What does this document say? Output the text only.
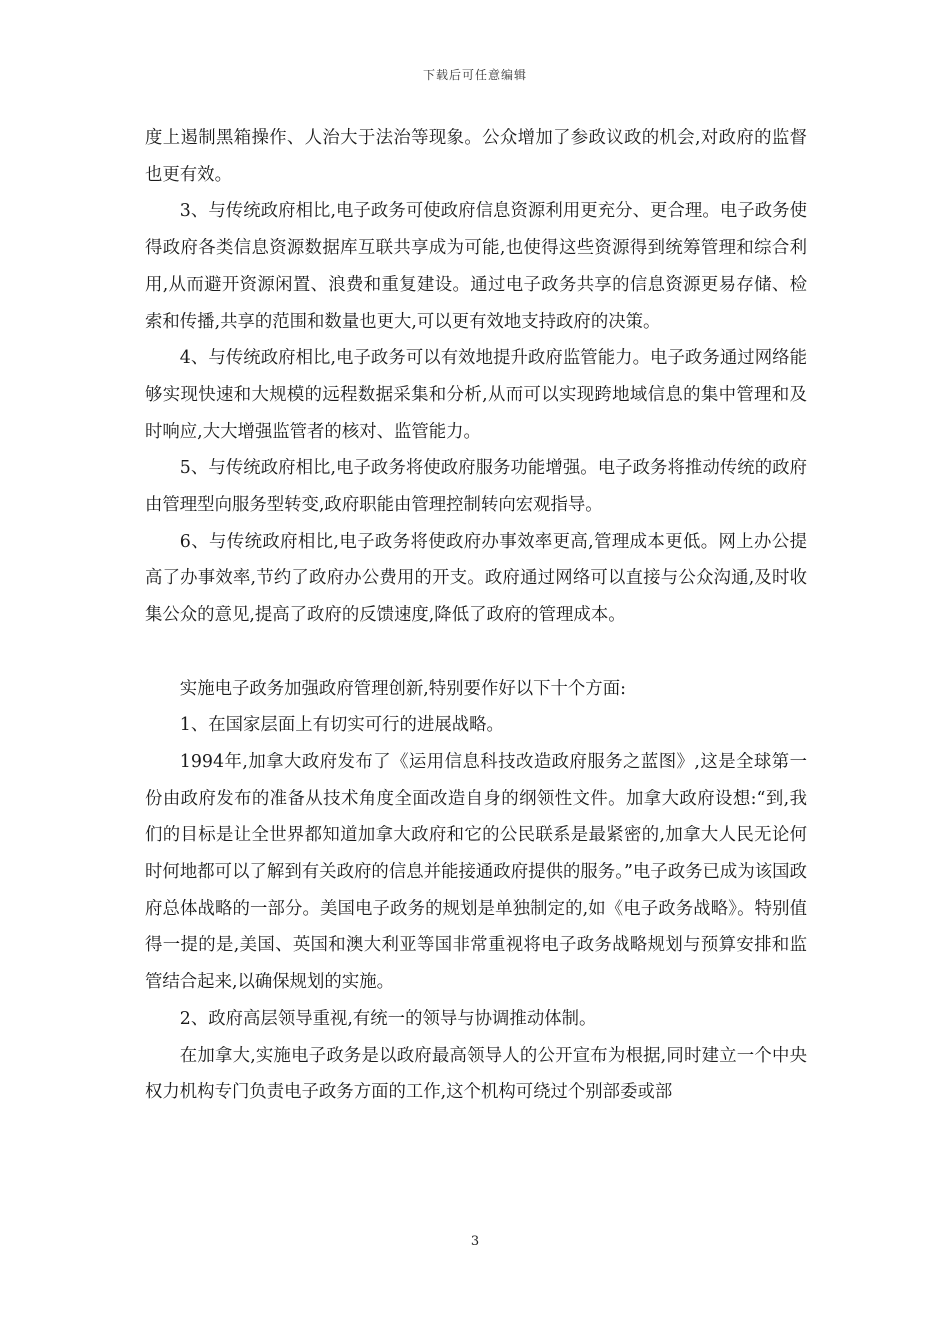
下载后可任意编辑

度上遏制黑箱操作、人治大于法治等现象。公众增加了参政议政的机会,对政府的监督也更有效。

3、与传统政府相比,电子政务可使政府信息资源利用更充分、更合理。电子政务使得政府各类信息资源数据库互联共享成为可能,也使得这些资源得到统筹管理和综合利用,从而避开资源闲置、浪费和重复建设。通过电子政务共享的信息资源更易存储、检索和传播,共享的范围和数量也更大,可以更有效地支持政府的决策。

4、与传统政府相比,电子政务可以有效地提升政府监管能力。电子政务通过网络能够实现快速和大规模的远程数据采集和分析,从而可以实现跨地域信息的集中管理和及时响应,大大增强监管者的核对、监管能力。

5、与传统政府相比,电子政务将使政府服务功能增强。电子政务将推动传统的政府由管理型向服务型转变,政府职能由管理控制转向宏观指导。

6、与传统政府相比,电子政务将使政府办事效率更高,管理成本更低。网上办公提高了办事效率,节约了政府办公费用的开支。政府通过网络可以直接与公众沟通,及时收集公众的意见,提高了政府的反馈速度,降低了政府的管理成本。

实施电子政务加强政府管理创新,特别要作好以下十个方面:

1、在国家层面上有切实可行的进展战略。

1994年,加拿大政府发布了《运用信息科技改造政府服务之蓝图》,这是全球第一份由政府发布的准备从技术角度全面改造自身的纲领性文件。加拿大政府设想:“到,我们的目标是让全世界都知道加拿大政府和它的公民联系是最紧密的,加拿大人民无论何时何地都可以了解到有关政府的信息并能接通政府提供的服务。”电子政务已成为该国政府总体战略的一部分。美国电子政务的规划是单独制定的,如《电子政务战略》。特别值得一提的是,美国、英国和澳大利亚等国非常重视将电子政务战略规划与预算安排和监管结合起来,以确保规划的实施。

2、政府高层领导重视,有统一的领导与协调推动体制。

在加拿大,实施电子政务是以政府最高领导人的公开宣布为根据,同时建立一个中央权力机构专门负责电子政务方面的工作,这个机构可绕过个别部委或部

3
